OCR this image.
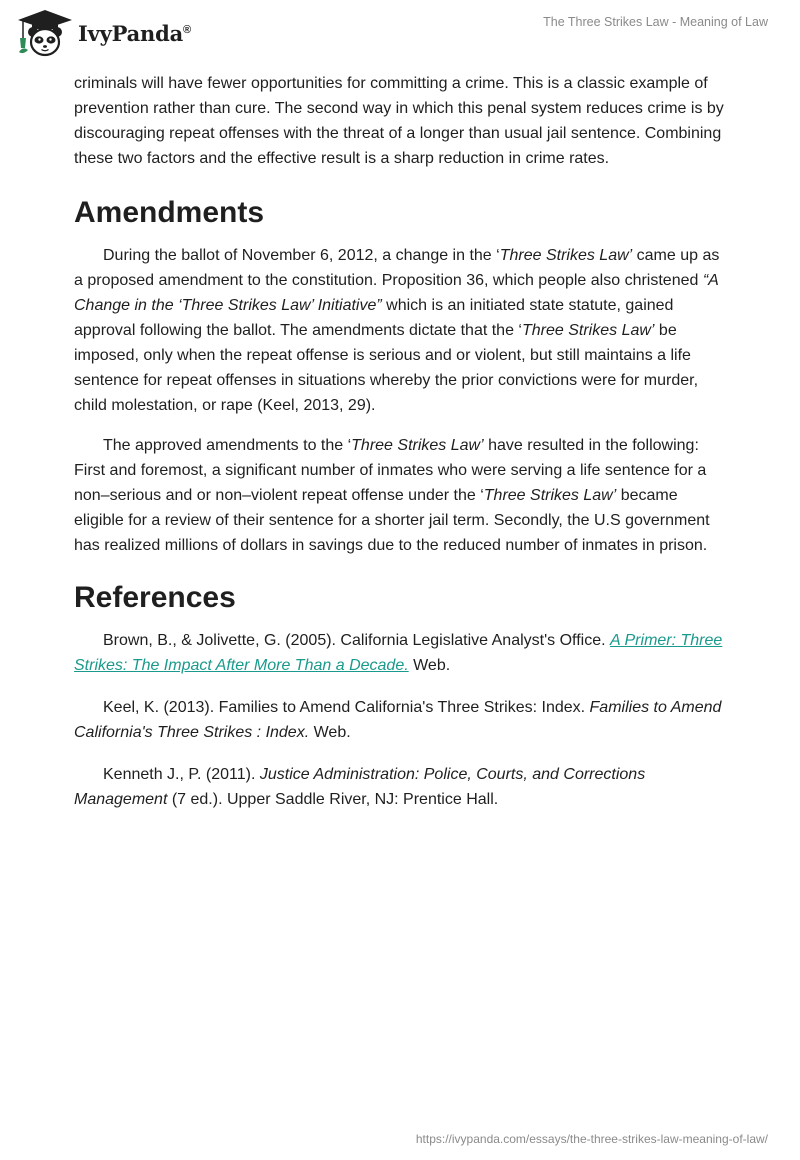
IvyPanda®
The Three Strikes Law - Meaning of Law

criminals will have fewer opportunities for committing a crime. This is a classic example of prevention rather than cure. The second way in which this penal system reduces crime is by discouraging repeat offenses with the threat of a longer than usual jail sentence. Combining these two factors and the effective result is a sharp reduction in crime rates.

Amendments

During the ballot of November 6, 2012, a change in the ‘Three Strikes Law’ came up as a proposed amendment to the constitution. Proposition 36, which people also christened “A Change in the ‘Three Strikes Law’ Initiative” which is an initiated state statute, gained approval following the ballot. The amendments dictate that the ‘Three Strikes Law’ be imposed, only when the repeat offense is serious and or violent, but still maintains a life sentence for repeat offenses in situations whereby the prior convictions were for murder, child molestation, or rape (Keel, 2013, 29).

The approved amendments to the ‘Three Strikes Law’ have resulted in the following: First and foremost, a significant number of inmates who were serving a life sentence for a non–serious and or non–violent repeat offense under the ‘Three Strikes Law’ became eligible for a review of their sentence for a shorter jail term. Secondly, the U.S government has realized millions of dollars in savings due to the reduced number of inmates in prison.

References

Brown, B., & Jolivette, G. (2005). California Legislative Analyst's Office. A Primer: Three Strikes: The Impact After More Than a Decade. Web.

Keel, K. (2013). Families to Amend California's Three Strikes: Index. Families to Amend California's Three Strikes : Index. Web.

Kenneth J., P. (2011). Justice Administration: Police, Courts, and Corrections Management (7 ed.). Upper Saddle River, NJ: Prentice Hall.

https://ivypanda.com/essays/the-three-strikes-law-meaning-of-law/
